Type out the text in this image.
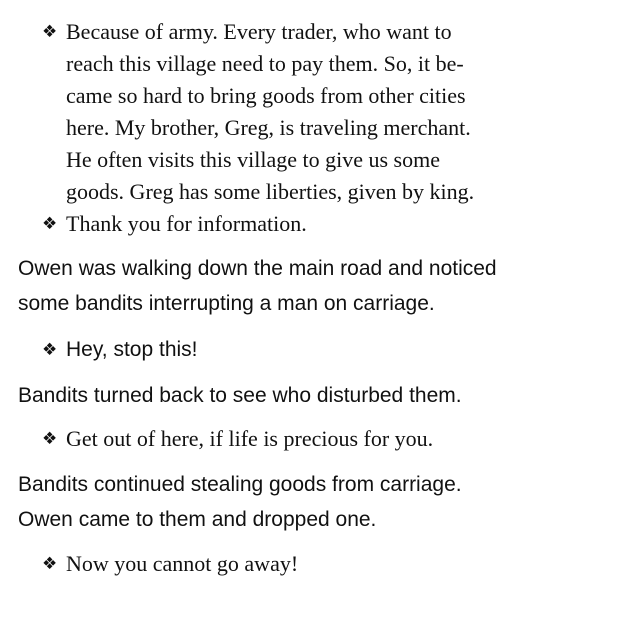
❖ Because of army. Every trader, who want to
reach this village need to pay them. So, it be-
came so hard to bring goods from other cities
here. My brother, Greg, is traveling merchant.
He often visits this village to give us some
goods. Greg has some liberties, given by king.
❖ Thank you for information.
Owen was walking down the main road and noticed
some bandits interrupting a man on carriage.
❖ Hey, stop this!
Bandits turned back to see who disturbed them.
❖ Get out of here, if life is precious for you.
Bandits continued stealing goods from carriage.
Owen came to them and dropped one.
❖ Now you cannot go away!
